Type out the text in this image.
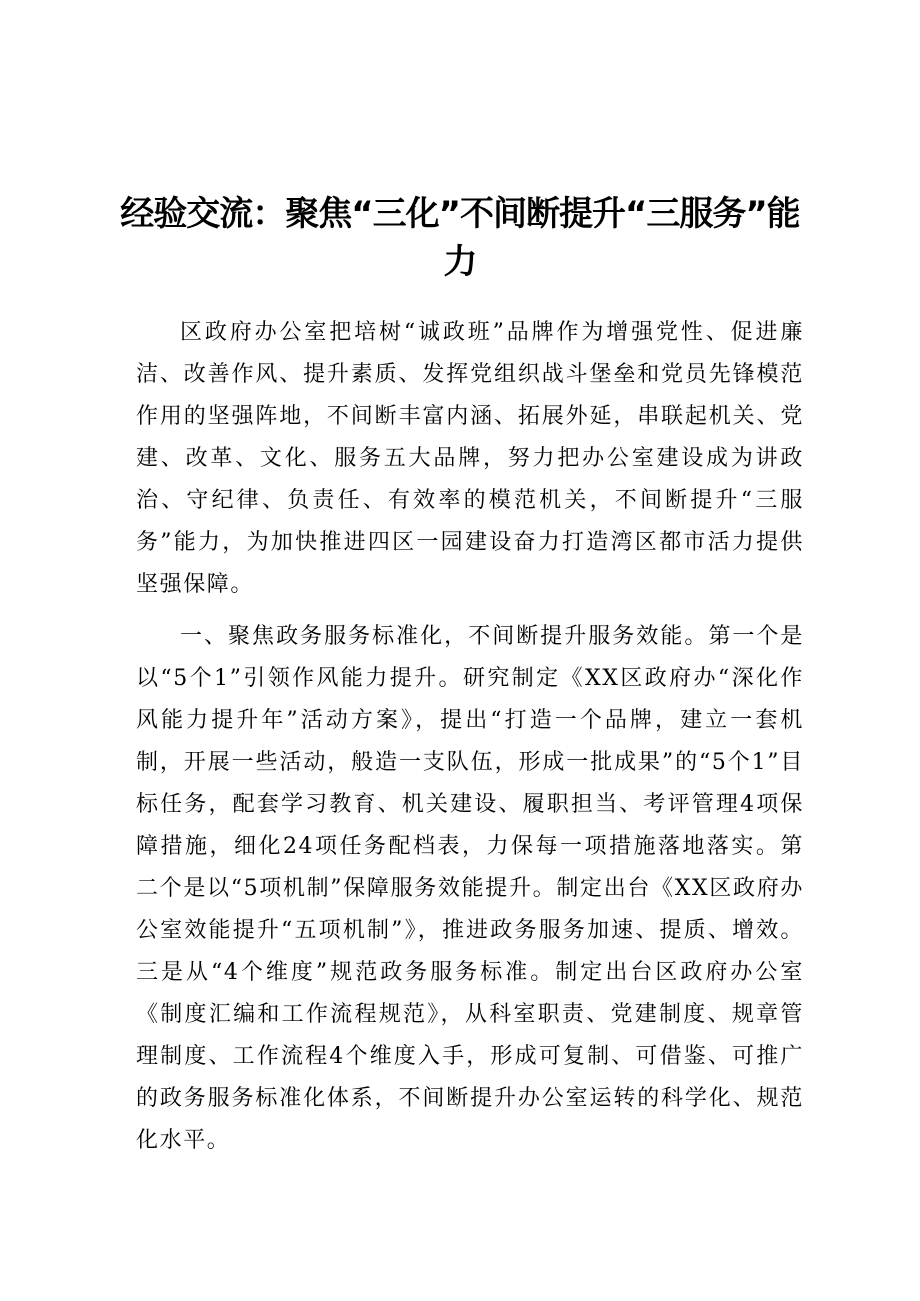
经验交流：聚焦“三化”不间断提升“三服务”能力

区政府办公室把培树“诚政班”品牌作为增强党性、促进廉洁、改善作风、提升素质、发挥党组织战斗堡垒和党员先锋模范作用的坚强阵地，不间断丰富内涵、拓展外延，串联起机关、党建、改革、文化、服务五大品牌，努力把办公室建设成为讲政治、守纪律、负责任、有效率的模范机关，不间断提升“三服务”能力，为加快推进四区一园建设奋力打造湾区都市活力提供坚强保障。

一、聚焦政务服务标准化，不间断提升服务效能。第一个是以“5个1”引领作风能力提升。研究制定《XX区政府办“深化作风能力提升年”活动方案》，提出“打造一个品牌，建立一套机制，开展一些活动，般造一支队伍，形成一批成果”的“5个1”目标任务，配套学习教育、机关建设、履职担当、考评管理4项保障措施，细化24项任务配档表，力保每一项措施落地落实。第二个是以“5项机制”保障服务效能提升。制定出台《XX区政府办公室效能提升“五项机制”》，推进政务服务加速、提质、增效。三是从“4个维度”规范政务服务标准。制定出台区政府办公室《制度汇编和工作流程规范》，从科室职责、党建制度、规章管理制度、工作流程4个维度入手，形成可复制、可借鉴、可推广的政务服务标准化体系，不间断提升办公室运转的科学化、规范化水平。
